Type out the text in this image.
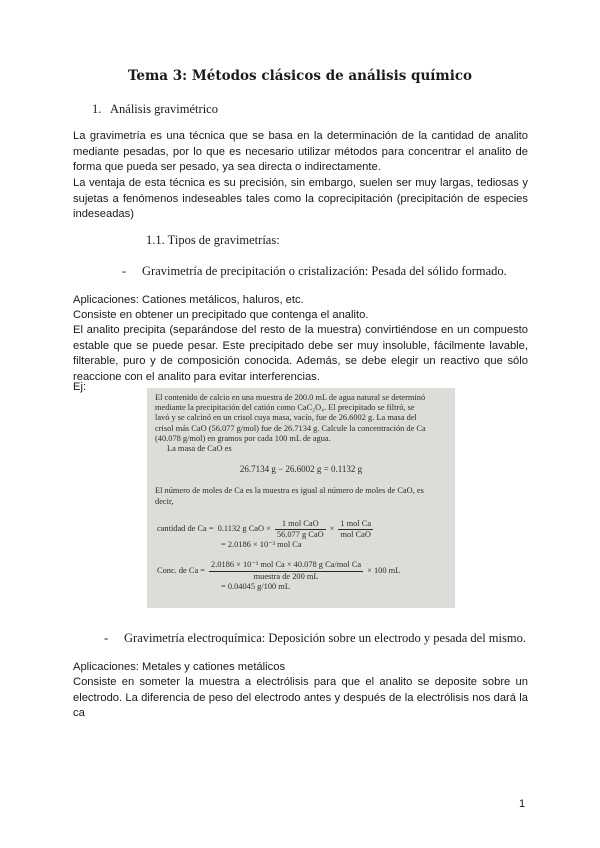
Tema 3: Métodos clásicos de análisis químico
1. Análisis gravimétrico
La gravimetría es una técnica que se basa en la determinación de la cantidad de analito mediante pesadas, por lo que es necesario utilizar métodos para concentrar el analito de forma que pueda ser pesado, ya sea directa o indirectamente.
La ventaja de esta técnica es su precisión, sin embargo, suelen ser muy largas, tediosas y sujetas a fenómenos indeseables tales como la coprecipitación (precipitación de especies indeseadas)
1.1. Tipos de gravimetrías:
- Gravimetría de precipitación o cristalización: Pesada del sólido formado.
Aplicaciones: Cationes metálicos, haluros, etc.
Consiste en obtener un precipitado que contenga el analito.
El analito precipita (separándose del resto de la muestra) convirtiéndose en un compuesto estable que se puede pesar. Este precipitado debe ser muy insoluble, fácilmente lavable, filterable, puro y de composición conocida. Además, se debe elegir un reactivo que sólo reaccione con el analito para evitar interferencias.
Ej:
El contenido de calcio en una muestra de 200.0 mL de agua natural se determinó
mediante la precipitación del catión como CaC₂O₄. El precipitado se filtró, se
lavó y se calcinó en un crisol cuya masa, vacío, fue de 26.6002 g. La masa del
crisol más CaO (56.077 g/mol) fue de 26.7134 g. Calcule la concentración de Ca
(40.078 g/mol) en gramos por cada 100 mL de agua.
La masa de CaO es
26.7134 g − 26.6002 g = 0.1132 g
El número de moles de Ca es la muestra es igual al número de moles de CaO, es
decir,
cantidad de Ca = 0.1132 g CaO × $\frac{\text{1 mol CaO}}{\text{56.077 g CaO}} \times \frac{\text{1 mol Ca}}{\text{mol CaO}}$
= 2.0186 × 10⁻³ mol Ca
Conc. de $Ca = \frac{\text{2.0186 × 10⁻³ mol Ca × 40.078 g Ca/mol Ca}}{\text{muestra de 200 mL}} \times 100$ mL
= 0.04045 g/100 mL
- Gravimetría electroquímica: Deposición sobre un electrodo y pesada del mismo.
Aplicaciones: Metales y cationes metálicos
Consiste en someter la muestra a electrólisis para que el analito se deposite sobre un electrodo. La diferencia de peso del electrodo antes y después de la electrólisis nos dará la ca
1
